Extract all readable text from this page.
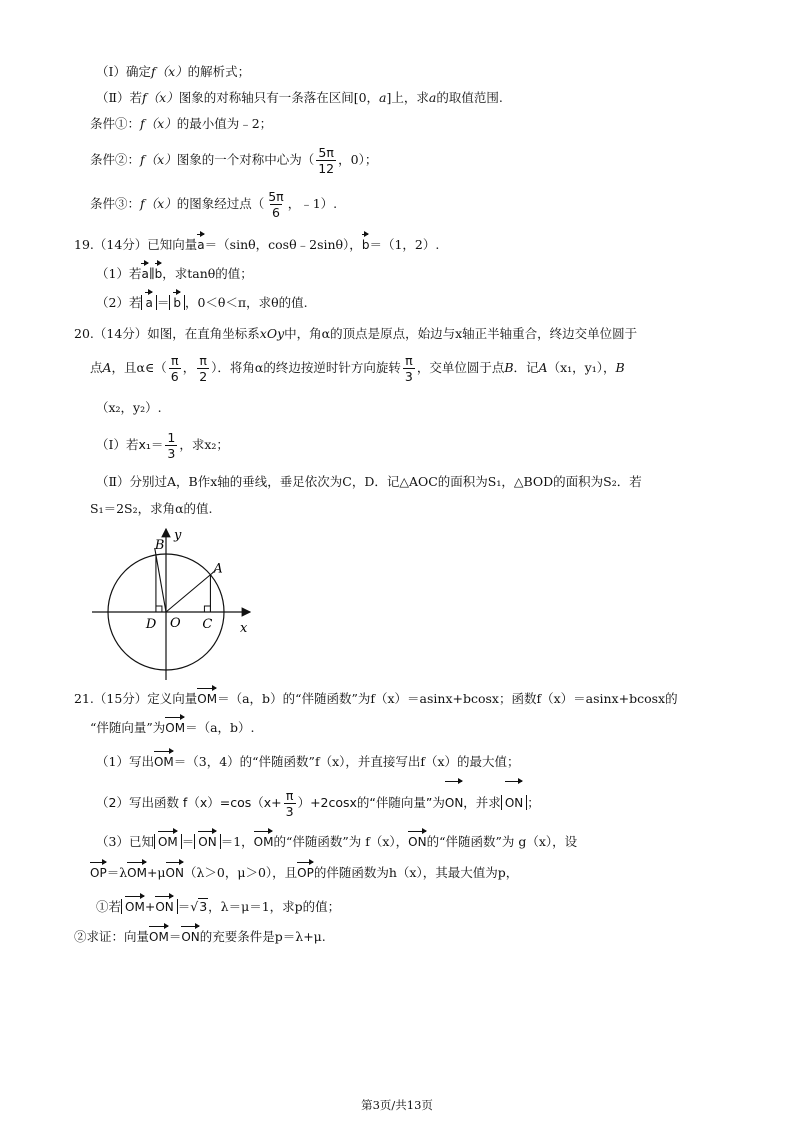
（Ⅰ）确定f（x）的解析式；
（Ⅱ）若f（x）图象的对称轴只有一条落在区间[0，a]上，求a的取值范围.
条件①：f（x）的最小值为﹣2；
条件②：f（x）图象的一个对称中心为（ $\frac{5\pi}{12}$ ，0）；
条件③：f（x）的图象经过点（ $\frac{5\pi}{6}$ ，﹣1）.
19.（14分）已知向量a＝（sinθ，cosθ﹣2sinθ），b＝（1，2）.
（1）若a∥b，求tanθ的值；
（2）若 a ＝ b ，0＜θ＜π，求θ的值.
20.（14分）如图，在直角坐标系xOy中，角α的顶点是原点，始边与x轴正半轴重合，终边交单位圆于
点A，且α∈（ $\frac{\pi}{6}$ ， $\frac{\pi}{2}$ ）．将角α的终边按逆时针方向旋转 $\frac{\pi}{3}$ ，交单位圆于点B．记A（x₁，y₁），B
（x₂，y₂）.
（Ⅰ）若$x_1= \frac{1}{3}$ ，求x₂；
（Ⅱ）分别过A，B作x轴的垂线，垂足依次为C，D．记△AOC的面积为S₁，△BOD的面积为S₂．若
S₁＝2S₂，求角α的值.
y
x
O
A
B
C
D
21.（15分）定义向量OM＝（a，b）的“伴随函数”为f（x）＝asinx+bcosx；函数f（x）＝asinx+bcosx的
“伴随向量”为OM＝（a，b）.
（1）写出OM＝（3，4）的“伴随函数”f（x），并直接写出f（x）的最大值；
（2）写出函数 $f(x)=\cos(x+ \frac{\pi}{3} )+2\cos x$的“伴随向量”为ON，并求 ON ；
（3）已知 OM ＝ ON ＝1，OM的“伴随函数”为 f（x），ON的“伴随函数”为 g（x），设
OP＝λOM+μON（λ＞0，μ＞0），且OP的伴随函数为h（x），其最大值为p，
①若 OM+ON ＝√3，λ＝μ＝1，求p的值；
②求证：向量OM＝ON的充要条件是p＝λ+μ.
第3页/共13页
